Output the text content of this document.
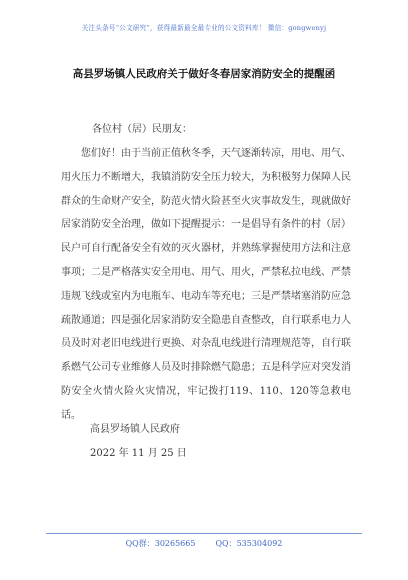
关注头条号“公文研究”，获得最新最全最专业的公文资料库！ 微信：gongwenyj
高县罗场镇人民政府关于做好冬春居家消防安全的提醒函
各位村（居）民朋友：

您们好！由于当前正值秋冬季，天气逐渐转凉，用电、用气、用火压力不断增大，我镇消防安全压力较大，为积极努力保障人民群众的生命财产安全，防范火情火险甚至火灾事故发生，现就做好居家消防安全治理，做如下提醒提示：一是倡导有条件的村（居）民户可自行配备安全有效的灭火器材，并熟练掌握使用方法和注意事项；二是严格落实安全用电、用气、用火，严禁私拉电线、严禁违规飞线或室内为电瓶车、电动车等充电；三是严禁堵塞消防应急疏散通道；四是强化居家消防安全隐患自查整改，自行联系电力人员及时对老旧电线进行更换、对杂乱电线进行清理规范等，自行联系燃气公司专业维修人员及时排除燃气隐患；五是科学应对突发消防安全火情火险火灾情况，牢记拨打119、110、120等急救电话。

高县罗场镇人民政府
2022 年 11 月 25 日
QQ群：30265665	QQ：535304092
